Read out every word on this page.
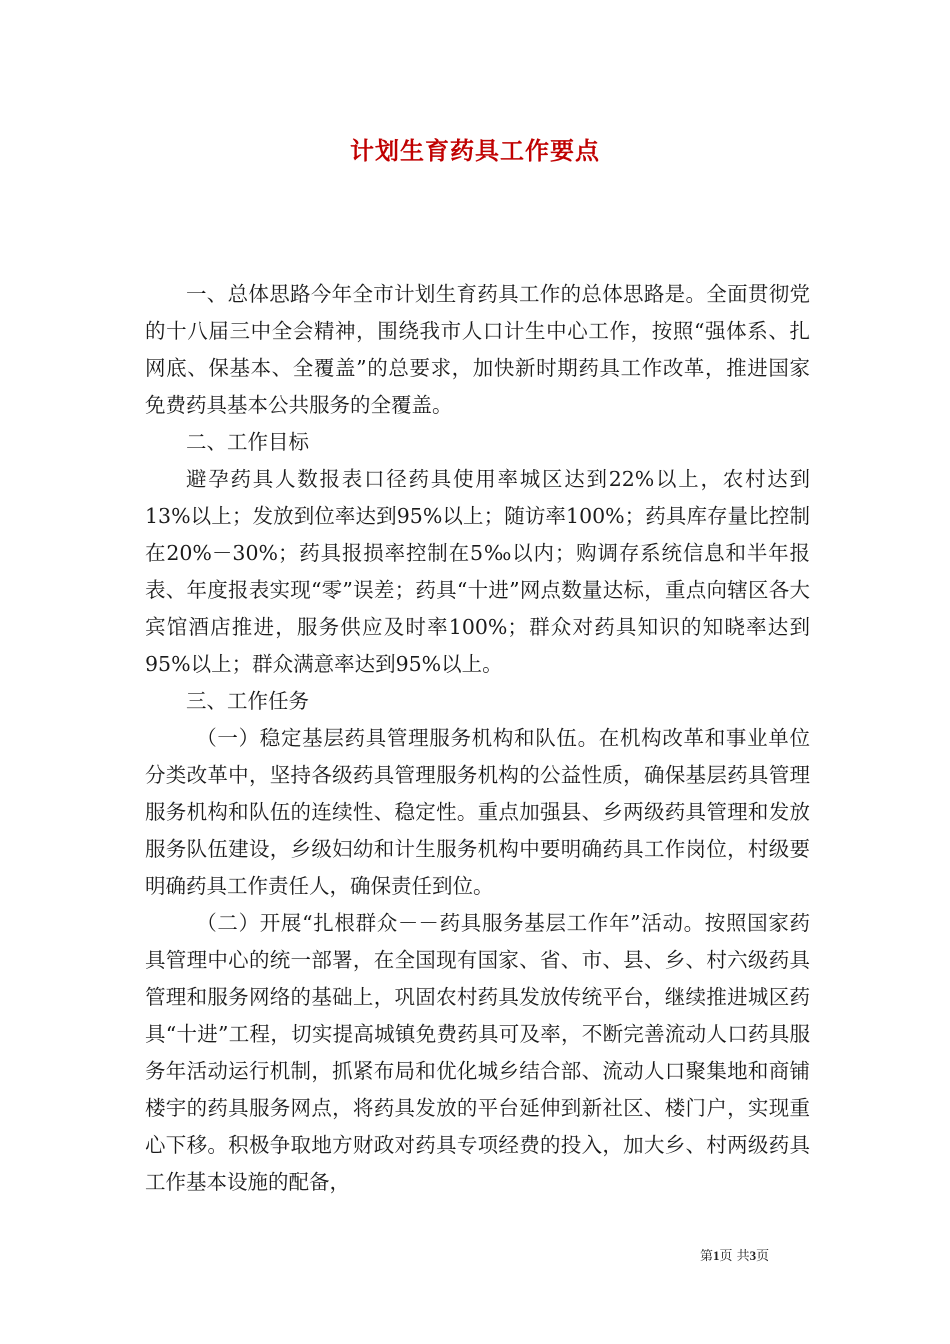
计划生育药具工作要点

一、总体思路今年全市计划生育药具工作的总体思路是。全面贯彻党的十八届三中全会精神，围绕我市人口计生中心工作，按照“强体系、扎网底、保基本、全覆盖”的总要求，加快新时期药具工作改革，推进国家免费药具基本公共服务的全覆盖。

二、工作目标

避孕药具人数报表口径药具使用率城区达到22%以上，农村达到13%以上；发放到位率达到95%以上；随访率100%；药具库存量比控制在20%－30%；药具报损率控制在5‰以内；购调存系统信息和半年报表、年度报表实现“零”误差；药具“十进”网点数量达标，重点向辖区各大宾馆酒店推进，服务供应及时率100%；群众对药具知识的知晓率达到95%以上；群众满意率达到95%以上。

三、工作任务

（一）稳定基层药具管理服务机构和队伍。在机构改革和事业单位分类改革中，坚持各级药具管理服务机构的公益性质，确保基层药具管理服务机构和队伍的连续性、稳定性。重点加强县、乡两级药具管理和发放服务队伍建设，乡级妇幼和计生服务机构中要明确药具工作岗位，村级要明确药具工作责任人，确保责任到位。

（二）开展“扎根群众－－药具服务基层工作年”活动。按照国家药具管理中心的统一部署，在全国现有国家、省、市、县、乡、村六级药具管理和服务网络的基础上，巩固农村药具发放传统平台，继续推进城区药具“十进”工程，切实提高城镇免费药具可及率，不断完善流动人口药具服务年活动运行机制，抓紧布局和优化城乡结合部、流动人口聚集地和商铺楼宇的药具服务网点，将药具发放的平台延伸到新社区、楼门户，实现重心下移。积极争取地方财政对药具专项经费的投入，加大乡、村两级药具工作基本设施的配备，

第1页 共3页
